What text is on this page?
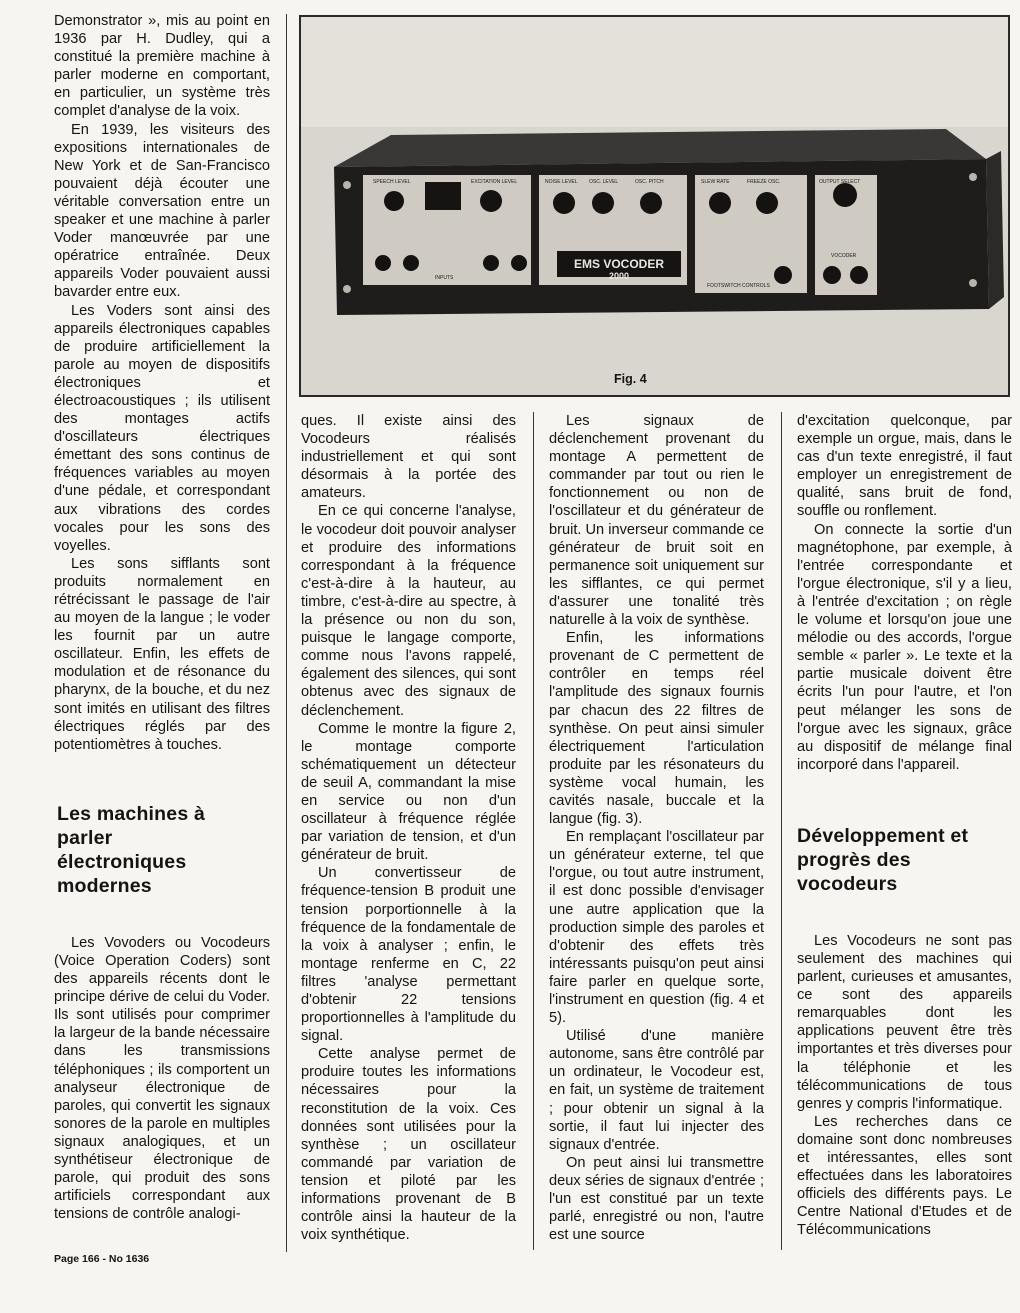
Demonstrator », mis au point en 1936 par H. Dudley, qui a constitué la première machine à parler moderne en comportant, en particulier, un système très complet d'analyse de la voix.

En 1939, les visiteurs des expositions internationales de New York et de San-Francisco pouvaient déjà écouter une véritable conversation entre un speaker et une machine à parler Voder manœuvrée par une opératrice entraînée. Deux appareils Voder pouvaient aussi bavarder entre eux.

Les Voders sont ainsi des appareils électroniques capables de produire artificiellement la parole au moyen de dispositifs électroniques et électroacoustiques ; ils utilisent des montages actifs d'oscillateurs électriques émettant des sons continus de fréquences variables au moyen d'une pédale, et correspondant aux vibrations des cordes vocales pour les sons des voyelles.

Les sons sifflants sont produits normalement en rétrécissant le passage de l'air au moyen de la langue ; le voder les fournit par un autre oscillateur. Enfin, les effets de modulation et de résonance du pharynx, de la bouche, et du nez sont imités en utilisant des filtres électriques réglés par des potentiomètres à touches.

Les machines à parler électroniques modernes

Les Vovoders ou Vocodeurs (Voice Operation Coders) sont des appareils récents dont le principe dérive de celui du Voder. Ils sont utilisés pour comprimer la largeur de la bande nécessaire dans les transmissions téléphoniques ; ils comportent un analyseur électronique de paroles, qui convertit les signaux sonores de la parole en multiples signaux analogiques, et un synthétiseur électronique de parole, qui produit des sons artificiels correspondant aux tensions de contrôle analogi-

EMS VOCODER
2000
SPEECH LEVEL	EXCITATION LEVEL	NOISE LEVEL OSC. LEVEL	OSC. PITCH	SLEW RATE	FREEZE OSC.	OUTPUT SELECT
INPUTS
FOOTSWITCH CONTROLS
VOCODER
Fig. 4

ques. Il existe ainsi des Vocodeurs réalisés industriellement et qui sont désormais à la portée des amateurs.

En ce qui concerne l'analyse, le vocodeur doit pouvoir analyser et produire des informations correspondant à la fréquence c'est-à-dire à la hauteur, au timbre, c'est-à-dire au spectre, à la présence ou non du son, puisque le langage comporte, comme nous l'avons rappelé, également des silences, qui sont obtenus avec des signaux de déclenchement.

Comme le montre la figure 2, le montage comporte schématiquement un détecteur de seuil A, commandant la mise en service ou non d'un oscillateur à fréquence réglée par variation de tension, et d'un générateur de bruit.

Un convertisseur de fréquence-tension B produit une tension porportionnelle à la fréquence de la fondamentale de la voix à analyser ; enfin, le montage renferme en C, 22 filtres 'analyse permettant d'obtenir 22 tensions proportionnelles à l'amplitude du signal.

Cette analyse permet de produire toutes les informations nécessaires pour la reconstitution de la voix. Ces données sont utilisées pour la synthèse ; un oscillateur commandé par variation de tension et piloté par les informations provenant de B contrôle ainsi la hauteur de la voix synthétique.

Les signaux de déclenchement provenant du montage A permettent de commander par tout ou rien le fonctionnement ou non de l'oscillateur et du générateur de bruit. Un inverseur commande ce générateur de bruit soit en permanence soit uniquement sur les sifflantes, ce qui permet d'assurer une tonalité très naturelle à la voix de synthèse.

Enfin, les informations provenant de C permettent de contrôler en temps réel l'amplitude des signaux fournis par chacun des 22 filtres de synthèse. On peut ainsi simuler électriquement l'articulation produite par les résonateurs du système vocal humain, les cavités nasale, buccale et la langue (fig. 3).

En remplaçant l'oscillateur par un générateur externe, tel que l'orgue, ou tout autre instrument, il est donc possible d'envisager une autre application que la production simple des paroles et d'obtenir des effets très intéressants puisqu'on peut ainsi faire parler en quelque sorte, l'instrument en question (fig. 4 et 5).

Utilisé d'une manière autonome, sans être contrôlé par un ordinateur, le Vocodeur est, en fait, un système de traitement ; pour obtenir un signal à la sortie, il faut lui injecter des signaux d'entrée.

On peut ainsi lui transmettre deux séries de signaux d'entrée ; l'un est constitué par un texte parlé, enregistré ou non, l'autre est une source

d'excitation quelconque, par exemple un orgue, mais, dans le cas d'un texte enregistré, il faut employer un enregistrement de qualité, sans bruit de fond, souffle ou ronflement.

On connecte la sortie d'un magnétophone, par exemple, à l'entrée correspondante et l'orgue électronique, s'il y a lieu, à l'entrée d'excitation ; on règle le volume et lorsqu'on joue une mélodie ou des accords, l'orgue semble « parler ». Le texte et la partie musicale doivent être écrits l'un pour l'autre, et l'on peut mélanger les sons de l'orgue avec les signaux, grâce au dispositif de mélange final incorporé dans l'appareil.

Développement et progrès des vocodeurs

Les Vocodeurs ne sont pas seulement des machines qui parlent, curieuses et amusantes, ce sont des appareils remarquables dont les applications peuvent être très importantes et très diverses pour la téléphonie et les télécommunications de tous genres y compris l'informatique.

Les recherches dans ce domaine sont donc nombreuses et intéressantes, elles sont effectuées dans les laboratoires officiels des différents pays. Le Centre National d'Etudes et de Télécommunications

Page 166 - No 1636
